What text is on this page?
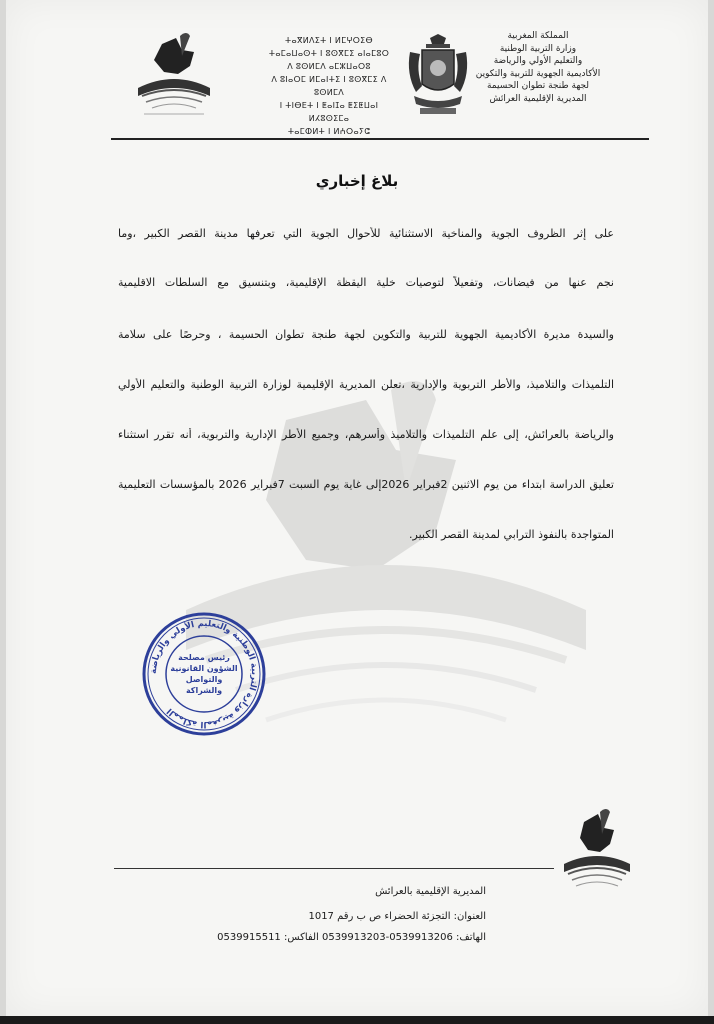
ⵜⴰⴳⵍⴷⵉⵜ ⵏ ⵍⵎⵖⵔⵉⴱ
ⵜⴰⵎⴰⵡⴰⵙⵜ ⵏ ⵓⵙⴳⵎⵉ ⴰⵏⴰⵎⵓⵔ
ⴷ ⵓⵙⵍⵎⴷ ⴰⵎⵣⵡⴰⵔⵓ
ⴷ ⵓⵏⴰⵔⵎ ⵍⵎⴰⵏⵜⵉ ⵏ ⵓⵙⴳⵎⵉ ⴷ ⵓⵙⵍⵎⴷ
ⵏ ⵜⵏⴱⴹⵜ ⵏ ⵟⴰⵏⵊⴰ ⵟⵉⵟⵡⴰⵏ ⵍⵃⵓⵙⵉⵎⴰ
ⵜⴰⵎⵀⵍⵜ ⵏ ⵍⵄⵔⴰⵢⵛ
المملكة المغربية
وزارة التربية الوطنية
والتعليم الأولي والرياضة
الأكاديمية الجهوية للتربية والتكوين
لجهة طنجة تطوان الحسيمة
المديرية الإقليمية العرائش
بلاغ إخباري
على إثر الظروف الجوية والمناخية الاستثنائية للأحوال الجوية التي تعرفها مدينة القصر الكبير ،وما
نجم عنها من فيضانات، وتفعيلاً لتوصيات خلية اليقظة الإقليمية، وبتنسيق مع السلطات الاقليمية
والسيدة مديرة الأكاديمية الجهوية للتربية والتكوين لجهة طنجة تطوان الحسيمة ، وحرصًا على سلامة
التلميذات والتلاميذ، والأطر التربوية والإدارية ،تعلن المديرية الإقليمية لوزارة التربية الوطنية والتعليم الأولي
والرياضة بالعرائش، إلى علم التلميذات والتلاميذ وأسرهم، وجميع الأطر الإدارية والتربوية، أنه تقرر استثناء
تعليق الدراسة ابتداء من يوم الاثنين 2فبراير 2026إلى غاية يوم السبت 7فبراير 2026 بالمؤسسات التعليمية
المتواجدة بالنفوذ الترابي لمدينة القصر الكبير.
المملكة المغربية وزارة التربية الوطنية والتعليم الأولي والرياضة
رئيس مصلحة الشؤون القانونية والتواصل والشراكة
المديرية الإقليمية بالعرائش
العنوان: التجزئة الحضراء ص ب رقم 1017
الهاتف: 0539913206-0539913203 الفاكس: 0539915511
